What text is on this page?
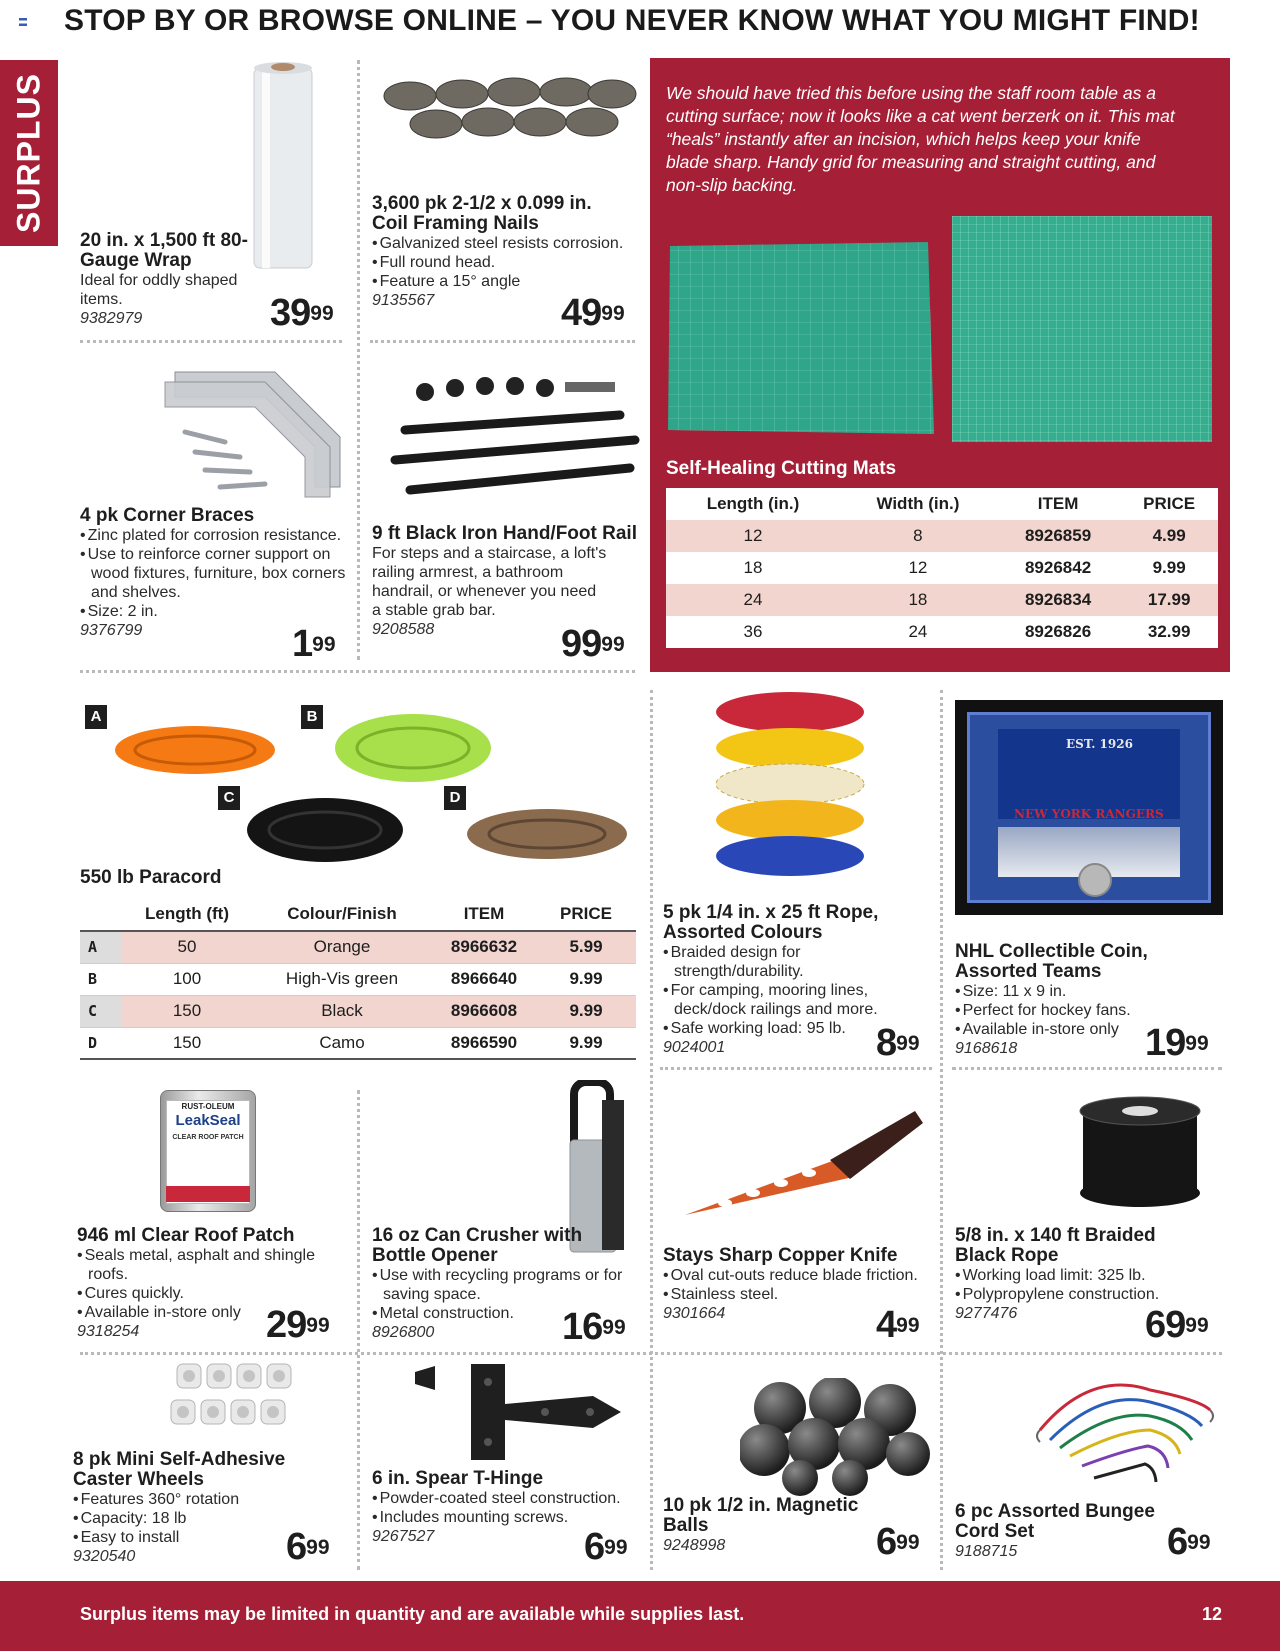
STOP BY OR BROWSE ONLINE – YOU NEVER KNOW WHAT YOU MIGHT FIND!
SURPLUS
20 in. x 1,500 ft 80-Gauge Wrap
Ideal for oddly shaped items.
9382979	$39^{99}$
3,600 pk 2-1/2 x 0.099 in. Coil Framing Nails
• Galvanized steel resists corrosion.
• Full round head.
• Feature a 15° angle
9135567	$49^{99}$
4 pk Corner Braces
• Zinc plated for corrosion resistance.
• Use to reinforce corner support on wood fixtures, furniture, box corners and shelves.
• Size: 2 in.
9376799	$1^{99}$
9 ft Black Iron Hand/Foot Rail
For steps and a staircase, a loft's railing armrest, a bathroom handrail, or whenever you need a stable grab bar.
9208588	$99^{99}$
We should have tried this before using the staff room table as a cutting surface; now it looks like a cat went berzerk on it. This mat “heals” instantly after an incision, which helps keep your knife blade sharp. Handy grid for measuring and straight cutting, and non-slip backing.
Self-Healing Cutting Mats
Length (in.)	Width (in.)	ITEM	PRICE
12	8	8926859	4.99
18	12	8926842	9.99
24	18	8926834	17.99
36	24	8926826	32.99
A	B
C	D
550 lb Paracord
	Length (ft)	Colour/Finish	ITEM	PRICE
A	50	Orange	8966632	5.99
B	100	High-Vis green	8966640	9.99
C	150	Black	8966608	9.99
D	150	Camo	8966590	9.99
5 pk 1/4 in. x 25 ft Rope, Assorted Colours
• Braided design for strength/durability.
• For camping, mooring lines, deck/dock railings and more.
• Safe working load: 95 lb.
9024001	$8^{99}$
EST. 1926
NEW YORK RANGERS
NHL Collectible Coin, Assorted Teams
• Size: 11 x 9 in.
• Perfect for hockey fans.
• Available in-store only
9168618	$19^{99}$
RUST-OLEUM
LeakSeal
CLEAR ROOF PATCH
946 ml Clear Roof Patch
• Seals metal, asphalt and shingle roofs.
• Cures quickly.
• Available in-store only
9318254	$29^{99}$
16 oz Can Crusher with Bottle Opener
• Use with recycling programs or for saving space.
• Metal construction.
8926800	$16^{99}$
Stays Sharp Copper Knife
• Oval cut-outs reduce blade friction.
• Stainless steel.
9301664	$4^{99}$
5/8 in. x 140 ft Braided Black Rope
• Working load limit: 325 lb.
• Polypropylene construction.
9277476	$69^{99}$
8 pk Mini Self-Adhesive Caster Wheels
• Features 360° rotation
• Capacity: 18 lb
• Easy to install
9320540	$6^{99}$
6 in. Spear T-Hinge
• Powder-coated steel construction.
• Includes mounting screws.
9267527	$6^{99}$
10 pk 1/2 in. Magnetic Balls
9248998	$6^{99}$
6 pc Assorted Bungee Cord Set
9188715	$6^{99}$
Surplus items may be limited in quantity and are available while supplies last.	12
